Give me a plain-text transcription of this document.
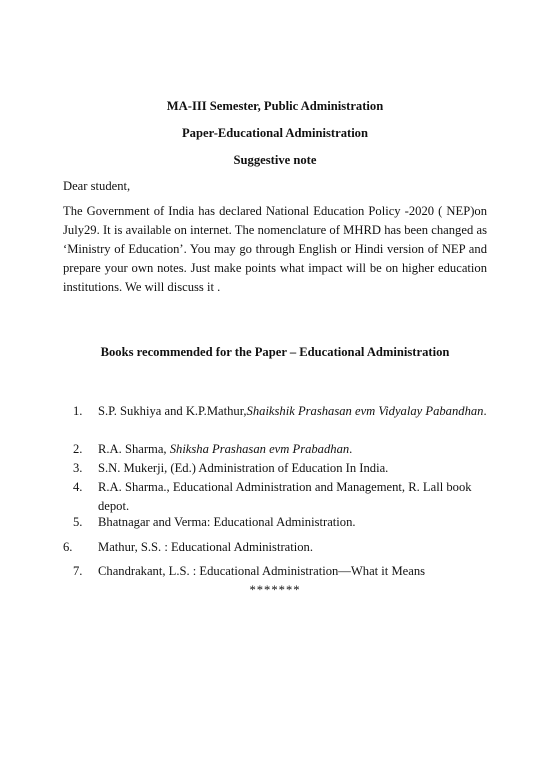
MA-III Semester, Public Administration
Paper-Educational Administration
Suggestive note
Dear student,

The Government of India has declared National Education Policy -2020 ( NEP)on July29. It is available on internet. The nomenclature of MHRD has been changed as ‘Ministry of Education’. You may go through English or Hindi version of NEP and prepare your own notes. Just make points what impact will be on higher education institutions. We will discuss it .

Books recommended for the Paper – Educational Administration
1.	S.P. Sukhiya and K.P.Mathur,Shaikshik Prashasan evm Vidyalay Pabandhan.
2.	R.A. Sharma, Shiksha Prashasan evm Prabadhan.
3.	S.N. Mukerji, (Ed.) Administration of Education In India.
4.	R.A. Sharma., Educational Administration and Management, R. Lall book depot.
5.	Bhatnagar and Verma: Educational Administration.
6.	Mathur, S.S. : Educational Administration.
7.	Chandrakant, L.S. : Educational Administration—What it Means
*******
